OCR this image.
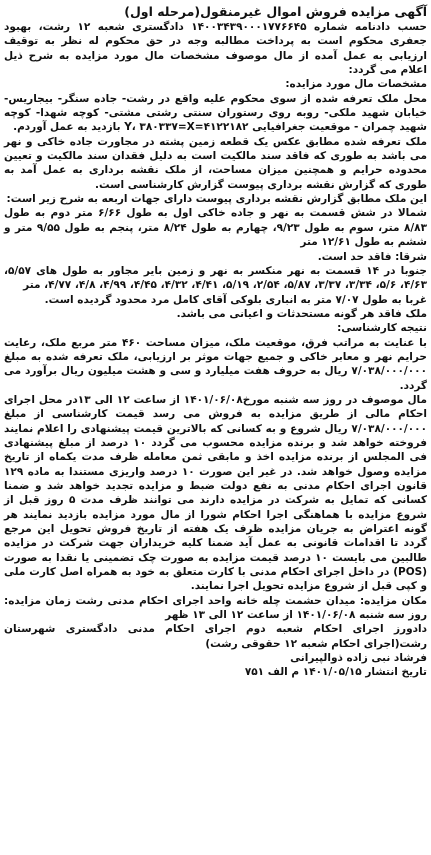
آگهی مزایده فروش اموال غیرمنقول(مرحله اول)

حسب دادنامه شماره ۱۴۰۰۳۴۳۹۰۰۰۱۷۷۶۶۴۵ دادگستری شعبه ۱۲ رشت، بهبود جعفری محکوم است به پرداخت مطالبه وجه در حق محکوم له نظر به توقیف ارزیابی به عمل آمده از مال موصوف مشخصات مال مورد مزایده به شرح ذیل اعلام می گردد:

مشخصات مال مورد مزایده:

محل ملک تعرفه شده از سوی محکوم علیه واقع در رشت- جاده سنگر- بیجاریس- خیابان شهید ملکی- روبه روی رستوران سنتی رشتی مشتی- کوچه شهدا- کوچه شهید چمران - موقعیت جغرافیایی ۴۱۲۲۱۸۲=Y، ۳۸۰۳۳۷=X بازدید به عمل آوردم.

ملک تعرفه شده مطابق عکس یک قطعه زمین پشته در مجاورت جاده خاکی و نهر می باشد به طوری که فاقد سند مالکیت است به دلیل فقدان سند مالکیت و تعیین محدوده حرایم و همچنین میزان مساحت، از ملک نقشه برداری به عمل آمد به طوری که گزارش نقشه برداری پیوست گزارش کارشناسی است.

این ملک مطابق گزارش نقشه برداری پیوست دارای جهات اربعه به شرح زیر است:

شمالا در شش قسمت به نهر و جاده خاکی اول به طول ۶/۶۶ متر دوم به طول ۸/۸۳ متر، سوم به طول ۹/۲۳، چهارم به طول ۸/۲۴ متر، پنجم به طول ۹/۵۵ متر و ششم به طول ۱۲/۶۱ متر

شرقا: فاقد حد است.

جنوبا در ۱۴ قسمت به نهر منکسر به نهر و زمین بایر مجاور به طول های ۵/۵۷، ۴/۶۳، ۵/۶، ۳/۳۴، ۳/۳۷، ۵/۸۷، ۲/۵۴، ۵/۱۹، ۴/۴۱، ۴/۳۲، ۴/۴۵، ۴/۹۹، ۴/۸، ۴/۷۷، متر

غربا به طول ۷/۰۷ متر به انباری بلوکی آقای کامل مرد محدود گردیده است.

ملک فاقد هر گونه مستحدثات و اعیانی می باشد.

نتیجه کارشناسی:

با عنایت به مراتب فرق، موقعیت ملک، میزان مساحت ۴۶۰ متر مربع ملک، رعایت حرایم نهر و معابر خاکی و جمیع جهات موثر بر ارزیابی، ملک تعرفه شده به مبلغ ۷/۰۳۸/۰۰۰/۰۰۰ ریال به حروف هفت میلیارد و سی و هشت میلیون ریال برآورد می گردد.

مال موصوف در روز سه شنبه مورخ۱۴۰۱/۰۶/۰۸ از ساعت ۱۲ الی ۱۳در محل اجرای احکام مالی از طریق مزایده به فروش می رسد قیمت کارشناسی از مبلغ ۷/۰۳۸/۰۰۰/۰۰۰ ریال شروع و به کسانی که بالاترین قیمت پیشنهادی را اعلام نمایند فروخته خواهد شد و برنده مزایده محسوب می گردد ۱۰ درصد از مبلغ پیشنهادی فی المجلس از برنده مزایده اخذ و مابقی ثمن معامله ظرف مدت یکماه از تاریخ مزایده وصول خواهد شد. در غیر این صورت ۱۰ درصد واریزی مستندا به ماده ۱۲۹ قانون اجرای احکام مدنی به نفع دولت ضبط و مزایده تجدید خواهد شد و ضمنا کسانی که تمایل به شرکت در مزایده دارند می توانند ظرف مدت ۵ روز قبل از شروع مزایده با هماهنگی اجرا احکام شورا از مال مورد مزایده بازدید نمایند هر گونه اعتراض به جریان مزایده ظرف یک هفته از تاریخ فروش تحویل این مرجع گردد تا اقدامات قانونی به عمل آید ضمنا کلیه خریداران جهت شرکت در مزایده طالبین می بایست ۱۰ درصد قیمت مزایده به صورت چک تضمینی یا نقدا به صورت (POS) در داخل اجرای احکام مدنی با کارت متعلق به خود به همراه اصل کارت ملی و کپی قبل از شروع مزایده تحویل اجرا نمایند.

مکان مزایده: میدان حشمت چله خانه واحد اجرای احکام مدنی رشت زمان مزایده: روز سه شنبه ۱۴۰۱/۰۶/۰۸ از ساعت ۱۲ الی ۱۳ ظهر

دادورز اجرای احکام شعبه دوم اجرای احکام مدنی دادگستری شهرستان رشت(اجرای احکام شعبه ۱۲ حقوقی رشت)

فرشاد نبی زاده ذوالپیرانی

تاریخ انتشار ۱۴۰۱/۰۵/۱۵ م الف ۷۵۱
